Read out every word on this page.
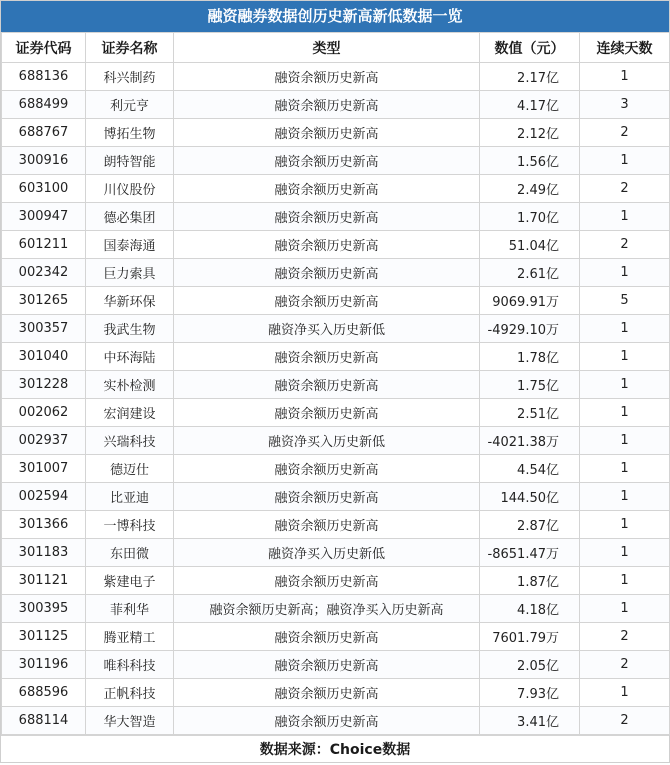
融资融券数据创历史新高新低数据一览
证券代码	证券名称	类型	数值（元）	连续天数
688136	科兴制药	融资余额历史新高	2.17亿	1
688499	利元亨	融资余额历史新高	4.17亿	3
688767	博拓生物	融资余额历史新高	2.12亿	2
300916	朗特智能	融资余额历史新高	1.56亿	1
603100	川仪股份	融资余额历史新高	2.49亿	2
300947	德必集团	融资余额历史新高	1.70亿	1
601211	国泰海通	融资余额历史新高	51.04亿	2
002342	巨力索具	融资余额历史新高	2.61亿	1
301265	华新环保	融资余额历史新高	9069.91万	5
300357	我武生物	融资净买入历史新低	-4929.10万	1
301040	中环海陆	融资余额历史新高	1.78亿	1
301228	实朴检测	融资余额历史新高	1.75亿	1
002062	宏润建设	融资余额历史新高	2.51亿	1
002937	兴瑞科技	融资净买入历史新低	-4021.38万	1
301007	德迈仕	融资余额历史新高	4.54亿	1
002594	比亚迪	融资余额历史新高	144.50亿	1
301366	一博科技	融资余额历史新高	2.87亿	1
301183	东田微	融资净买入历史新低	-8651.47万	1
301121	紫建电子	融资余额历史新高	1.87亿	1
300395	菲利华	融资余额历史新高；融资净买入历史新高	4.18亿	1
301125	腾亚精工	融资余额历史新高	7601.79万	2
301196	唯科科技	融资余额历史新高	2.05亿	2
688596	正帆科技	融资余额历史新高	7.93亿	1
688114	华大智造	融资余额历史新高	3.41亿	2
数据来源：Choice数据
